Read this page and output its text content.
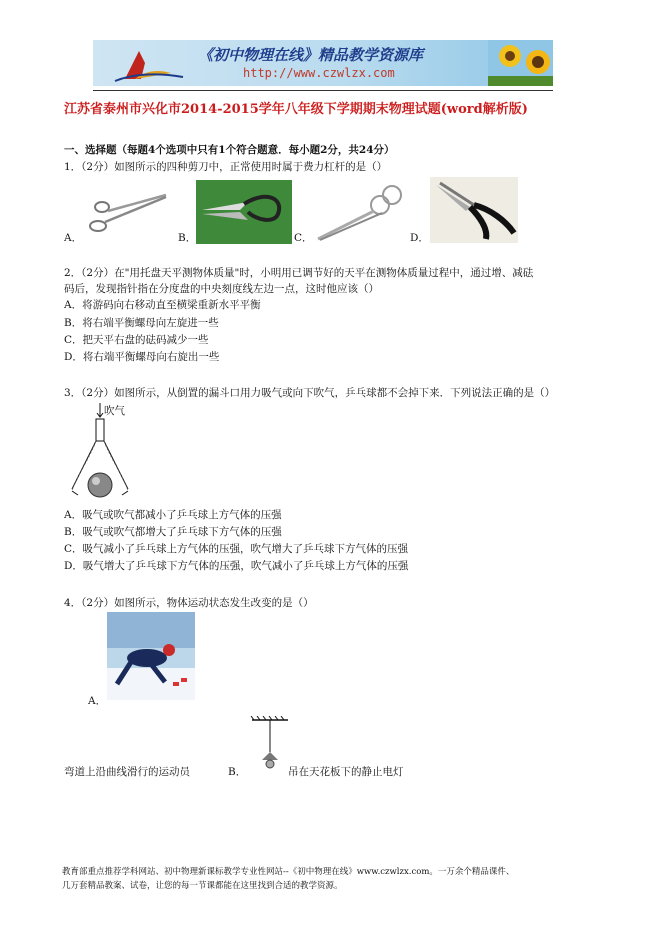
《初中物理在线》精品教学资源库
http://www.czwlzx.com
江苏省泰州市兴化市2014-2015学年八年级下学期期末物理试题(word解析版)
一、选择题（每题4个选项中只有1个符合题意．每小题2分，共24分）
1．（2分）如图所示的四种剪刀中，正常使用时属于费力杠杆的是（）
A．	B．	C．	D．
2．（2分）在"用托盘天平测物体质量"时，小明用已调节好的天平在测物体质量过程中，通过增、减砝
码后，发现指针指在分度盘的中央刻度线左边一点，这时他应该（）
A．将游码向右移动直至横梁重新水平平衡
B．将右端平衡螺母向左旋进一些
C．把天平右盘的砝码减少一些
D．将右端平衡螺母向右旋出一些
3．（2分）如图所示，从倒置的漏斗口用力吸气或向下吹气，乒乓球都不会掉下来．下列说法正确的是（）
吹气
A．吸气或吹气都减小了乒乓球上方气体的压强
B．吸气或吹气都增大了乒乓球下方气体的压强
C．吸气减小了乒乓球上方气体的压强，吹气增大了乒乓球下方气体的压强
D．吸气增大了乒乓球下方气体的压强，吹气减小了乒乓球上方气体的压强
4．（2分）如图所示，物体运动状态发生改变的是（）
A．
弯道上沿曲线滑行的运动员	B．	吊在天花板下的静止电灯
教育部重点推荐学科网站、初中物理新课标教学专业性网站--《初中物理在线》www.czwlzx.com。一万余个精品课件、
几万套精品教案、试卷，让您的每一节课都能在这里找到合适的教学资源。
